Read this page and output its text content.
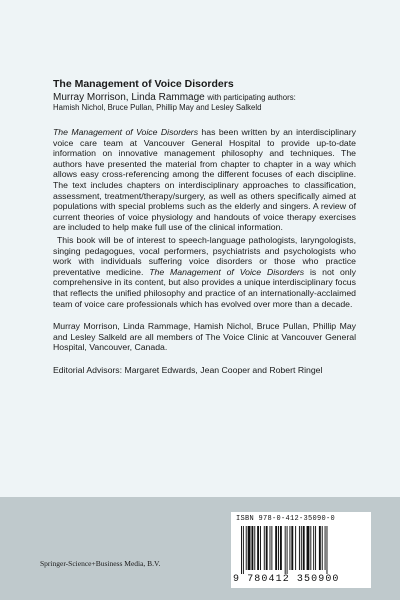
The Management of Voice Disorders

Murray Morrison, Linda Rammage with participating authors:

Hamish Nichol, Bruce Pullan, Phillip May and Lesley Salkeld

The Management of Voice Disorders has been written by an interdisciplinary voice care team at Vancouver General Hospital to provide up-to-date information on innovative management philosophy and techniques. The authors have presented the material from chapter to chapter in a way which allows easy cross-referencing among the different focuses of each discipline. The text includes chapters on interdisciplinary approaches to classification, assessment, treatment/therapy/surgery, as well as others specifically aimed at populations with special problems such as the elderly and singers. A review of current theories of voice physiology and handouts of voice therapy exercises are included to help make full use of the clinical information.

This book will be of interest to speech-language pathologists, laryngologists, singing pedagogues, vocal performers, psychiatrists and psychologists who work with individuals suffering voice disorders or those who practice preventative medicine. The Management of Voice Disorders is not only comprehensive in its content, but also provides a unique interdisciplinary focus that reflects the unified philosophy and practice of an internationally-acclaimed team of voice care professionals which has evolved over more than a decade.

Murray Morrison, Linda Rammage, Hamish Nichol, Bruce Pullan, Phillip May and Lesley Salkeld are all members of The Voice Clinic at Vancouver General Hospital, Vancouver, Canada.

Editorial Advisors: Margaret Edwards, Jean Cooper and Robert Ringel

Springer-Science+Business Media, B.V.
ISBN 978-0-412-35090-0
9 780412 350900
